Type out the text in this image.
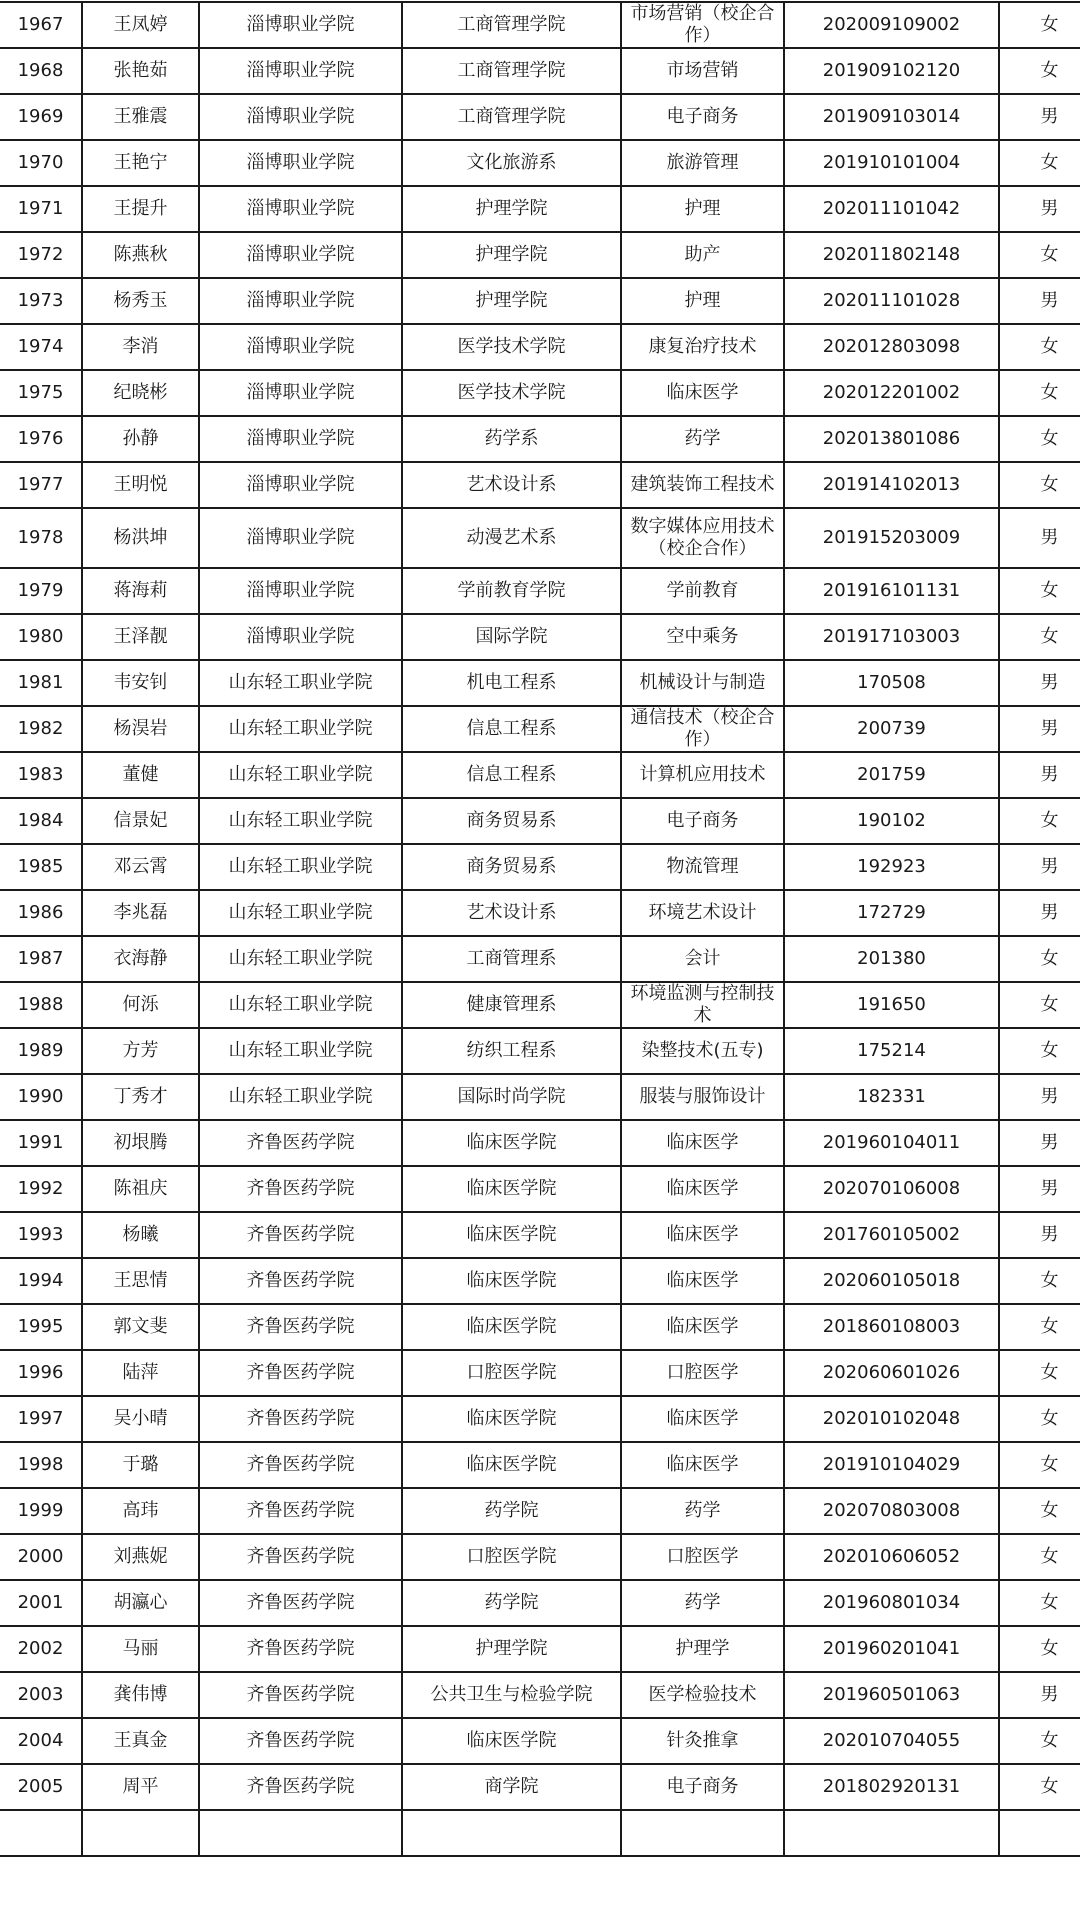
1967	王凤婷	淄博职业学院	工商管理学院	市场营销（校企合作）	202009109002	女
1968	张艳茹	淄博职业学院	工商管理学院	市场营销	201909102120	女
1969	王雅震	淄博职业学院	工商管理学院	电子商务	201909103014	男
1970	王艳宁	淄博职业学院	文化旅游系	旅游管理	201910101004	女
1971	王提升	淄博职业学院	护理学院	护理	202011101042	男
1972	陈燕秋	淄博职业学院	护理学院	助产	202011802148	女
1973	杨秀玉	淄博职业学院	护理学院	护理	202011101028	男
1974	李消	淄博职业学院	医学技术学院	康复治疗技术	202012803098	女
1975	纪晓彬	淄博职业学院	医学技术学院	临床医学	202012201002	女
1976	孙静	淄博职业学院	药学系	药学	202013801086	女
1977	王明悦	淄博职业学院	艺术设计系	建筑装饰工程技术	201914102013	女
1978	杨洪坤	淄博职业学院	动漫艺术系	数字媒体应用技术（校企合作）	201915203009	男
1979	蒋海莉	淄博职业学院	学前教育学院	学前教育	201916101131	女
1980	王泽靓	淄博职业学院	国际学院	空中乘务	201917103003	女
1981	韦安钊	山东轻工职业学院	机电工程系	机械设计与制造	170508	男
1982	杨淏岩	山东轻工职业学院	信息工程系	通信技术（校企合作）	200739	男
1983	董健	山东轻工职业学院	信息工程系	计算机应用技术	201759	男
1984	信景妃	山东轻工职业学院	商务贸易系	电子商务	190102	女
1985	邓云霄	山东轻工职业学院	商务贸易系	物流管理	192923	男
1986	李兆磊	山东轻工职业学院	艺术设计系	环境艺术设计	172729	男
1987	衣海静	山东轻工职业学院	工商管理系	会计	201380	女
1988	何泺	山东轻工职业学院	健康管理系	环境监测与控制技术	191650	女
1989	方芳	山东轻工职业学院	纺织工程系	染整技术(五专)	175214	女
1990	丁秀才	山东轻工职业学院	国际时尚学院	服装与服饰设计	182331	男
1991	初垠腾	齐鲁医药学院	临床医学院	临床医学	201960104011	男
1992	陈祖庆	齐鲁医药学院	临床医学院	临床医学	202070106008	男
1993	杨曦	齐鲁医药学院	临床医学院	临床医学	201760105002	男
1994	王思情	齐鲁医药学院	临床医学院	临床医学	202060105018	女
1995	郭文斐	齐鲁医药学院	临床医学院	临床医学	201860108003	女
1996	陆萍	齐鲁医药学院	口腔医学院	口腔医学	202060601026	女
1997	吴小晴	齐鲁医药学院	临床医学院	临床医学	202010102048	女
1998	于璐	齐鲁医药学院	临床医学院	临床医学	201910104029	女
1999	高玮	齐鲁医药学院	药学院	药学	202070803008	女
2000	刘燕妮	齐鲁医药学院	口腔医学院	口腔医学	202010606052	女
2001	胡瀛心	齐鲁医药学院	药学院	药学	201960801034	女
2002	马丽	齐鲁医药学院	护理学院	护理学	201960201041	女
2003	龚伟博	齐鲁医药学院	公共卫生与检验学院	医学检验技术	201960501063	男
2004	王真金	齐鲁医药学院	临床医学院	针灸推拿	202010704055	女
2005	周平	齐鲁医药学院	商学院	电子商务	201802920131	女
